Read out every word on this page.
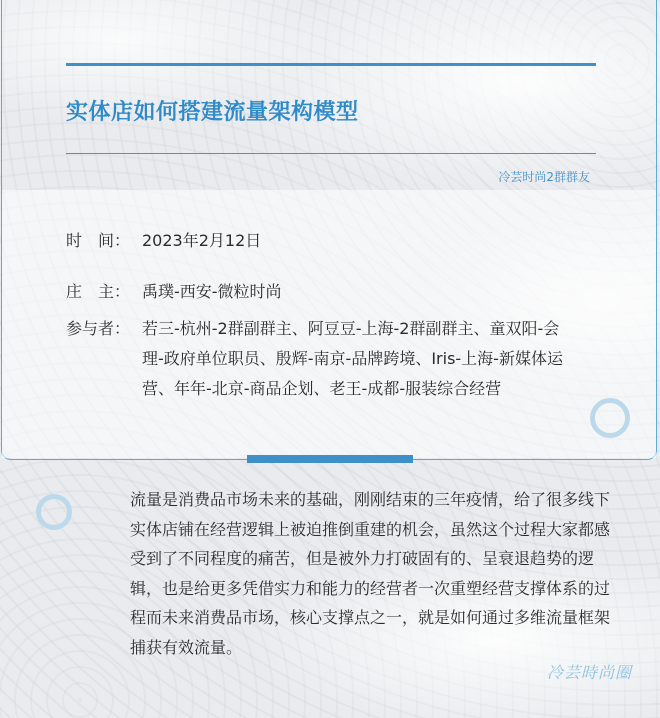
实体店如何搭建流量架构模型
冷芸时尚2群群友
时　间： 2023年2月12日
庄　主： 禹璞-西安-微粒时尚
参与者： 若三-杭州-2群副群主、阿豆豆-上海-2群副群主、童双阳-会理-政府单位职员、殷辉-南京-品牌跨境、Iris-上海-新媒体运营、年年-北京-商品企划、老王-成都-服装综合经营

流量是消费品市场未来的基础，刚刚结束的三年疫情，给了很多线下实体店铺在经营逻辑上被迫推倒重建的机会，虽然这个过程大家都感受到了不同程度的痛苦，但是被外力打破固有的、呈衰退趋势的逻辑，也是给更多凭借实力和能力的经营者一次重塑经营支撑体系的过程而未来消费品市场，核心支撑点之一，就是如何通过多维流量框架捕获有效流量。

冷芸時尚圈
